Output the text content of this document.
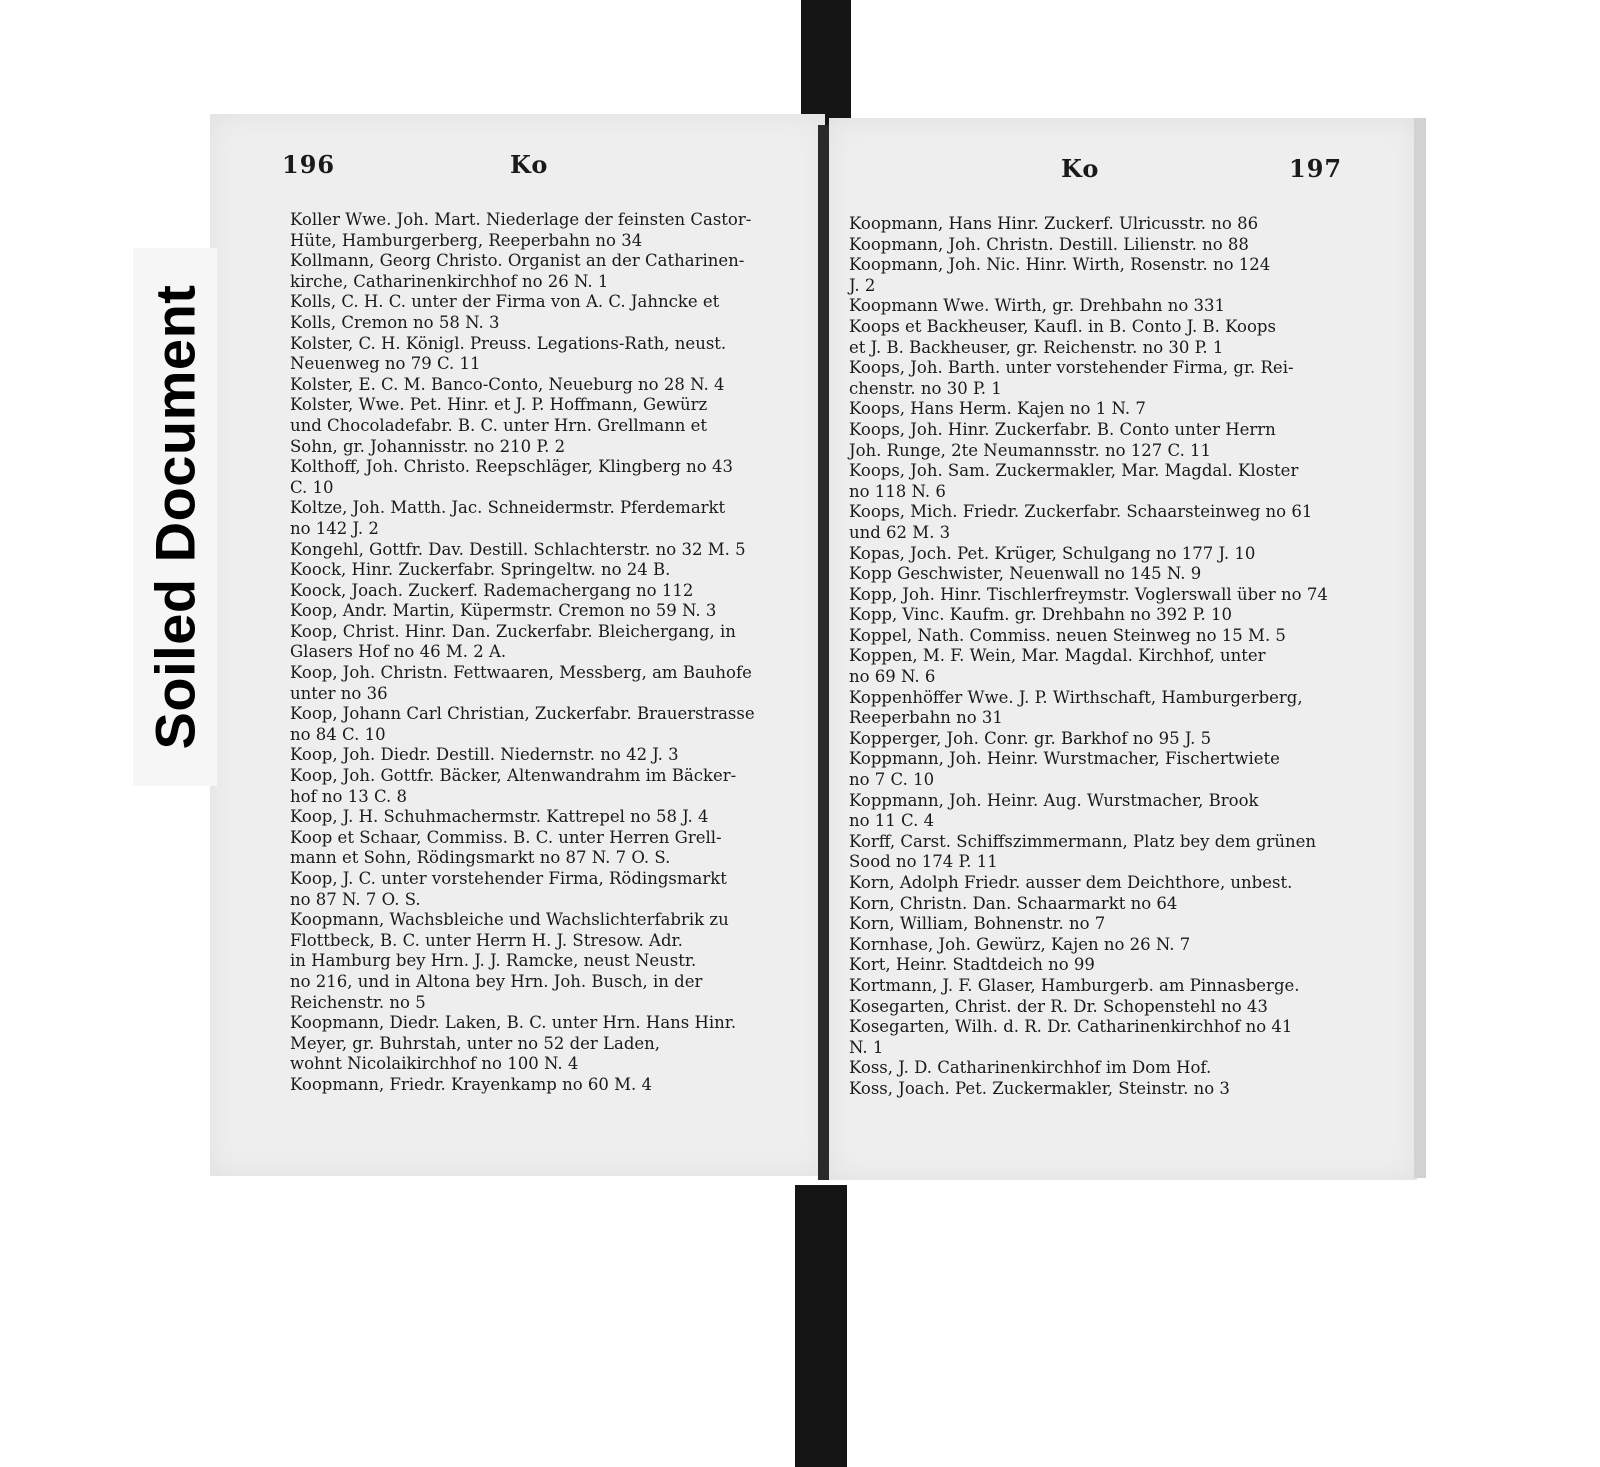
196	Ko

Koller Wwe. Joh. Mart. Niederlage der feinsten Castor-

Hüte, Hamburgerberg, Reeperbahn no 34

Kollmann, Georg Christo. Organist an der Catharinen-

kirche, Catharinenkirchhof no 26 N. 1

Kolls, C. H. C. unter der Firma von A. C. Jahncke et

Kolls, Cremon no 58 N. 3

Kolster, C. H. Königl. Preuss. Legations-Rath, neust.

Neuenweg no 79 C. 11

Kolster, E. C. M. Banco-Conto, Neueburg no 28 N. 4

Kolster, Wwe. Pet. Hinr. et J. P. Hoffmann, Gewürz

und Chocoladefabr. B. C. unter Hrn. Grellmann et

Sohn, gr. Johannisstr. no 210 P. 2

Kolthoff, Joh. Christo. Reepschläger, Klingberg no 43

C. 10

Koltze, Joh. Matth. Jac. Schneidermstr. Pferdemarkt

no 142 J. 2

Kongehl, Gottfr. Dav. Destill. Schlachterstr. no 32 M. 5

Koock, Hinr. Zuckerfabr. Springeltw. no 24 B.

Koock, Joach. Zuckerf. Rademachergang no 112

Koop, Andr. Martin, Küpermstr. Cremon no 59 N. 3

Koop, Christ. Hinr. Dan. Zuckerfabr. Bleichergang, in

Glasers Hof no 46 M. 2 A.

Koop, Joh. Christn. Fettwaaren, Messberg, am Bauhofe

unter no 36

Koop, Johann Carl Christian, Zuckerfabr. Brauerstrasse

no 84 C. 10

Koop, Joh. Diedr. Destill. Niedernstr. no 42 J. 3

Koop, Joh. Gottfr. Bäcker, Altenwandrahm im Bäcker-

hof no 13 C. 8

Koop, J. H. Schuhmachermstr. Kattrepel no 58 J. 4

Koop et Schaar, Commiss. B. C. unter Herren Grell-

mann et Sohn, Rödingsmarkt no 87 N. 7 O. S.

Koop, J. C. unter vorstehender Firma, Rödingsmarkt

no 87 N. 7 O. S.

Koopmann, Wachsbleiche und Wachslichterfabrik zu

Flottbeck, B. C. unter Herrn H. J. Stresow. Adr.

in Hamburg bey Hrn. J. J. Ramcke, neust Neustr.

no 216, und in Altona bey Hrn. Joh. Busch, in der

Reichenstr. no 5

Koopmann, Diedr. Laken, B. C. unter Hrn. Hans Hinr.

Meyer, gr. Buhrstah, unter no 52 der Laden,

wohnt Nicolaikirchhof no 100 N. 4

Koopmann, Friedr. Krayenkamp no 60 M. 4

Ko	197

Koopmann, Hans Hinr. Zuckerf. Ulricusstr. no 86

Koopmann, Joh. Christn. Destill. Lilienstr. no 88

Koopmann, Joh. Nic. Hinr. Wirth, Rosenstr. no 124

J. 2

Koopmann Wwe. Wirth, gr. Drehbahn no 331

Koops et Backheuser, Kaufl. in B. Conto J. B. Koops

et J. B. Backheuser, gr. Reichenstr. no 30 P. 1

Koops, Joh. Barth. unter vorstehender Firma, gr. Rei-

chenstr. no 30 P. 1

Koops, Hans Herm. Kajen no 1 N. 7

Koops, Joh. Hinr. Zuckerfabr. B. Conto unter Herrn

Joh. Runge, 2te Neumannsstr. no 127 C. 11

Koops, Joh. Sam. Zuckermakler, Mar. Magdal. Kloster

no 118 N. 6

Koops, Mich. Friedr. Zuckerfabr. Schaarsteinweg no 61

und 62 M. 3

Kopas, Joch. Pet. Krüger, Schulgang no 177 J. 10

Kopp Geschwister, Neuenwall no 145 N. 9

Kopp, Joh. Hinr. Tischlerfreymstr. Voglerswall über no 74

Kopp, Vinc. Kaufm. gr. Drehbahn no 392 P. 10

Koppel, Nath. Commiss. neuen Steinweg no 15 M. 5

Koppen, M. F. Wein, Mar. Magdal. Kirchhof, unter

no 69 N. 6

Koppenhöffer Wwe. J. P. Wirthschaft, Hamburgerberg,

Reeperbahn no 31

Kopperger, Joh. Conr. gr. Barkhof no 95 J. 5

Koppmann, Joh. Heinr. Wurstmacher, Fischertwiete

no 7 C. 10

Koppmann, Joh. Heinr. Aug. Wurstmacher, Brook

no 11 C. 4

Korff, Carst. Schiffszimmermann, Platz bey dem grünen

Sood no 174 P. 11

Korn, Adolph Friedr. ausser dem Deichthore, unbest.

Korn, Christn. Dan. Schaarmarkt no 64

Korn, William, Bohnenstr. no 7

Kornhase, Joh. Gewürz, Kajen no 26 N. 7

Kort, Heinr. Stadtdeich no 99

Kortmann, J. F. Glaser, Hamburgerb. am Pinnasberge.

Kosegarten, Christ. der R. Dr. Schopenstehl no 43

Kosegarten, Wilh. d. R. Dr. Catharinenkirchhof no 41

N. 1

Koss, J. D. Catharinenkirchhof im Dom Hof.

Koss, Joach. Pet. Zuckermakler, Steinstr. no 3

Soiled Document
